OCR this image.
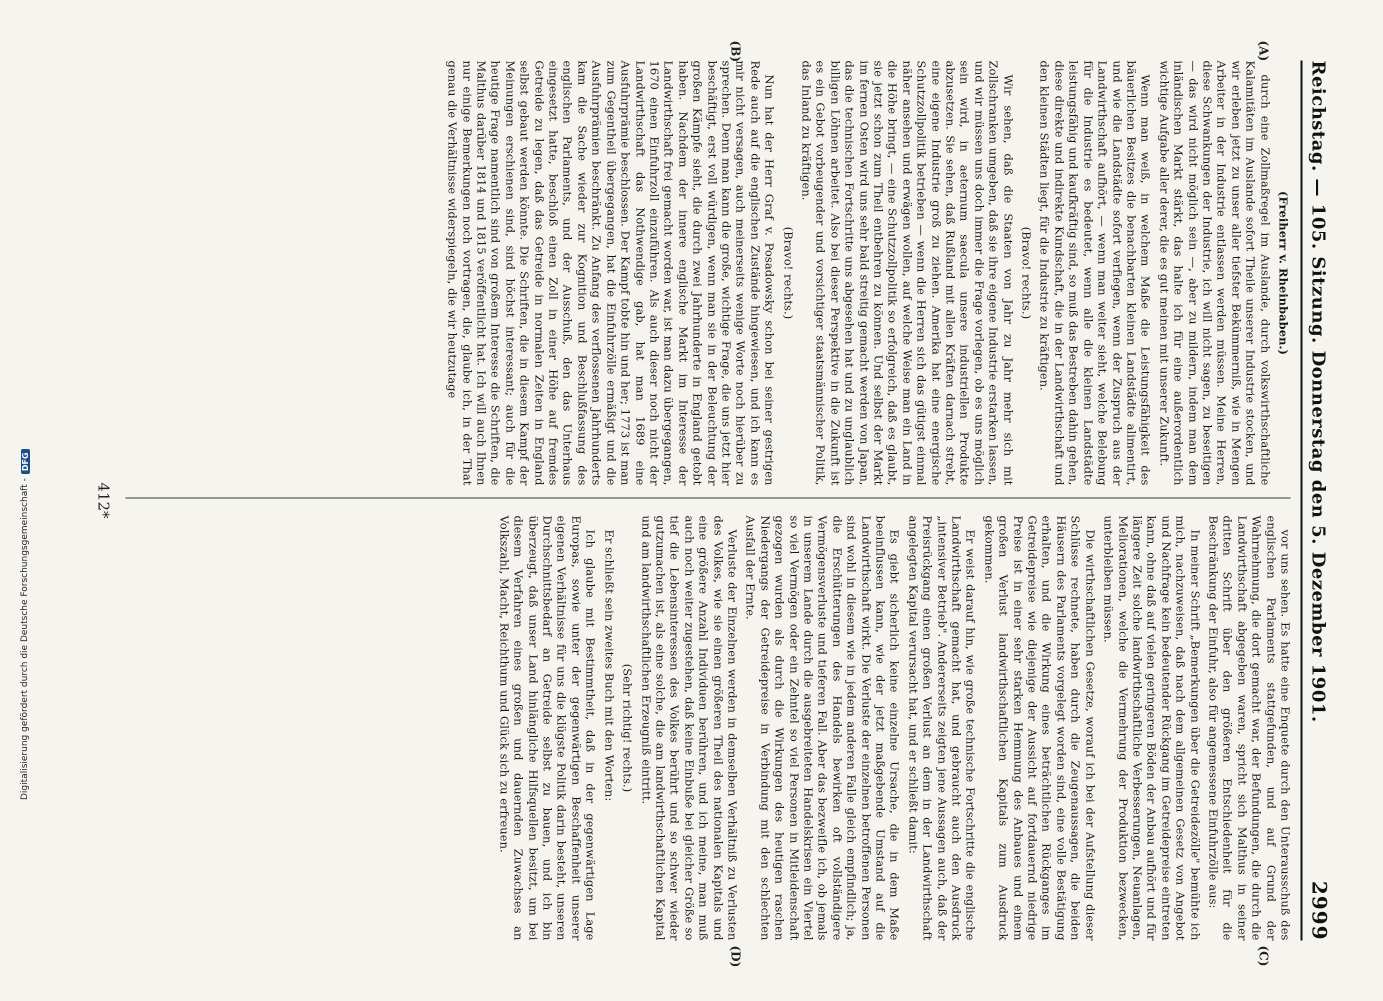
Digitalisierung gefördert durch die Deutsche Forschungsgemeinschaft -
DFG	Reichstag. — 105. Sitzung. Donnerstag den 5. Dezember 1901.
2999
(A)
(B)
(C)
(D)

(Freiherr v. Rheinbaben.)

durch eine Zollmaßregel im Auslande, durch volkswirthschaftliche Kalamitäten im Auslande sofort Theile unserer Industrie stocken, und wir erleben jetzt zu unser aller tiefster Bekümmerniß, wie in Mengen Arbeiter in der Industrie entlassen werden müssen. Meine Herren, diese Schwankungen der Industrie, ich will nicht sagen, zu beseitigen — das wird nicht möglich sein —, aber zu mildern, indem man dem inländischen Markt stärkt, das halte ich für eine außerordentlich wichtige Aufgabe aller derer, die es gut meinen mit unserer Zukunft.

Wenn man weiß, in welchem Maße die Leistungsfähigkeit des bäuerlichen Besitzes die benachbarten kleinen Landstädte alimentirt, und wie die Landstädte sofort verfiegen, wenn der Zuspruch aus der Landwirthschaft aufhört, — wenn man weiter sieht, welche Belebung für die Industrie es bedeutet, wenn alle die kleinen Landstädte leistungsfähig und kaufkräftig sind, so muß das Bestreben dahin gehen, diese direkte und indirekte Kundschaft, die in der Landwirthschaft und den kleinen Städten liegt, für die Industrie zu kräftigen.

(Bravo! rechts.)

Wir sehen, daß die Staaten von Jahr zu Jahr mehr sich mit Zollschranken umgeben, daß sie ihre eigene Industrie erstarken lassen, und wir müssen uns doch immer die Frage vorlegen, ob es uns möglich sein wird, in aeternum saecula unsere industriellen Produkte abzusetzen. Sie sehen, daß Rußland mit allen Kräften darnach strebt, eine eigene Industrie groß zu ziehen. Amerika hat eine energische Schutzzollpolitik betrieben — wenn die Herren sich das gütigst einmal näher ansehen und erwägen wollen, auf welche Weise man ein Land in die Höhe bringt, — eine Schutzzollpolitik so erfolgreich, daß es glaubt, sie jetzt schon zum Theil entbehren zu können. Und selbst der Markt im fernen Osten wird uns sehr bald streitig gemacht werden von Japan, das die technischen Fortschritte uns abgesehen hat und zu unglaublich billigen Löhnen arbeitet. Also bei dieser Perspektive in die Zukunft ist es ein Gebot vorbeugender und vorsichtiger staatsmännischer Politik, das Inland zu kräftigen.

(Bravo! rechts.)

Nun hat der Herr Graf v. Posadowsky schon bei seiner gestrigen Rede auch auf die englischen Zustände hingewiesen, und ich kann es mir nicht versagen, auch meinerseits wenige Worte noch hierüber zu sprechen. Denn man kann die große, wichtige Frage, die uns jetzt hier beschäftigt, erst voll würdigen, wenn man sie in der Beleuchtung der großen Kämpfe sieht, die durch zwei Jahrhunderte in England getobt haben. Nachdem der innere englische Markt im Interesse der Landwirthschaft frei gemacht worden war, ist man dazu übergegangen, 1670 einen Einfuhrzoll einzuführen. Als auch dieser noch nicht der Landwirthschaft das Nothwendige gab, hat man 1689 eine Ausfuhrprämie beschlossen. Der Kampf tobte hin und her; 1773 ist man zum Gegentheil übergegangen, hat die Einfuhrzölle ermäßigt und die Ausfuhrprämien beschränkt. Zu Anfang des verflossenen Jahrhunderts kam die Sache wieder zur Kognition und Beschlußfassung des englischen Parlaments, und der Ausschuß, den das Unterhaus eingesetzt hatte, beschloß einen Zoll in einer Höhe auf fremdes Getreide zu legen, daß das Getreide in normalen Zeiten in England selbst gebaut werden könnte. Die Schriften, die in diesem Kampf der Meinungen erschienen sind, sind höchst interessant; auch für die heutige Frage namentlich sind von großem Interesse die Schriften, die Malthus darüber 1814 und 1815 veröffentlicht hat. Ich will auch Ihnen nur einige Bemerkungen noch vortragen, die, glaube ich, in der That genau die Verhältnisse widerspiegeln, die wir heutzutage

vor uns sehen. Es hatte eine Enquete durch den Unterausschuß des englischen Parlaments stattgefunden, und auf Grund der Wahrnehmung, die dort gemacht war, der Befundungen, die durch die Landwirthschaft abgegeben waren, spricht sich Malthus in seiner dritten Schrift über den größeren Entschiedenheit für die Beschränkung der Einfuhr, also für angemessene Einfuhrzölle aus:

In meiner Schrift „Bemerkungen über die Getreidezölle" bemühte ich mich, nachzuweisen, daß nach dem allgemeinen Gesetz von Angebot und Nachfrage kein bedeutender Rückgang im Getreidepreise eintreten kann, ohne daß auf vielen geringeren Böden der Anbau aufhört und für längere Zeit solche landwirthschaftliche Verbesserungen, Neuanlagen, Meliorationen, welche die Vermehrung der Produktion bezwecken, unterbleiben müssen.

Die wirthschaftlichen Gesetze, worauf ich bei der Aufstellung dieser Schlüsse rechnete, haben durch die Zeugenaussagen, die beiden Häusern des Parlaments vorgelegt worden sind, eine volle Bestätigung erhalten, und die Wirkung eines beträchtlichen Rückganges im Getreidepreise wie diejenige der Aussicht auf fortdauernd niedrige Preise ist in einer sehr starken Hemmung des Anbaues und einem großen Verlust landwirthschaftlichen Kapitals zum Ausdruck gekommen.

Er weist darauf hin, wie große technische Fortschritte die englische Landwirthschaft gemacht hat, und gebraucht auch den Ausdruck „intensiver Betrieb". Andererseits zeigten jene Aussagen auch, daß der Preisrückgang einen großen Verlust an dem in der Landwirthschaft angelegten Kapital verursacht hat, und er schließt damit:

Es giebt sicherlich keine einzelne Ursache, die in dem Maße beeinflussen kann, wie der jetzt maßgebende Umstand auf die Landwirthschaft wirkt. Die Verluste der einzelnen betroffenen Personen sind wohl in diesem wie in jedem anderen Falle gleich empfindlich; ja, die Erschütterungen des Handels bewirken oft vollständigere Vermögensverluste und tieferen Fall. Aber das bezweifle ich, ob jemals in unserem Lande durch die ausgebreiteten Handelskrisen ein Viertel so viel Vermögen oder ein Zehntel so viel Personen in Mitleidenschaft gezogen wurden als durch die Wirkungen des heutigen raschen Niedergangs der Getreidepreise in Verbindung mit den schlechten Ausfall der Ernte.

Verluste der Einzelnen werden in demselben Verhältniß zu Verlusten des Volkes, wie sie einen größeren Theil des nationalen Kapitals und eine größere Anzahl Individuen berühren, und ich meine, man muß auch noch weiter zugestehen, daß keine Einbuße bei gleicher Größe so tief die Lebensinteressen des Volkes berührt und so schwer wieder gutzumachen ist, als eine solche, die am landwirthschaftlichen Kapital und am landwirthschaftlichen Erzeugniß eintritt.

(Sehr richtig! rechts.)

Er schließt sein zweites Buch mit den Worten:

Ich glaube mit Bestimmtheit, daß in der gegenwärtigen Lage Europas, sowie unter der gegenwärtigen Beschaffenheit unserer eigenen Verhältnisse für uns die klügste Politik darin besteht, unseren Durchschnittsbedarf an Getreide selbst zu bauen, und ich bin überzeugt, daß unser Land hinlängliche Hilfsquellen besitzt, um bei diesem Verfahren eines großen und dauernden Zuwachses an Volkszahl, Macht, Reichthum und Glück sich zu erfreuen.

412*
